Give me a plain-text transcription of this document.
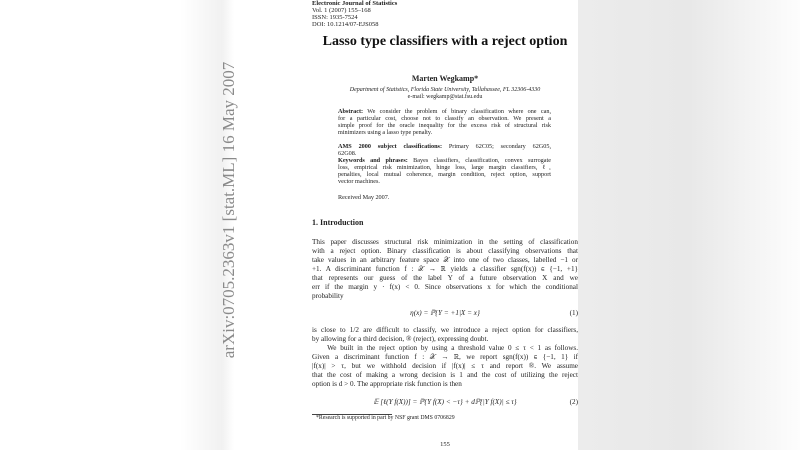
arXiv:0705.2363v1 [stat.ML] 16 May 2007
Electronic Journal of Statistics
Vol. 1 (2007) 155–168
ISSN: 1935-7524
DOI: 10.1214/07-EJS058
Lasso type classifiers with a reject option
Marten Wegkamp*
Department of Statistics, Florida State University, Tallahassee, FL 32306-4330
e-mail: wegkamp@stat.fsu.edu
Abstract: We consider the problem of binary classification where one can,
for a particular cost, choose not to classify an observation. We present a
simple proof for the oracle inequality for the excess risk of structural risk
minimizers using a lasso type penalty.
AMS 2000 subject classifications: Primary 62C05; secondary 62G05,
62G08.
Keywords and phrases: Bayes classifiers, classification, convex surrogate
loss, empirical risk minimization, hinge loss, large margin classifiers, ℓ₁
penalties, local mutual coherence, margin condition, reject option, support
vector machines.
Received May 2007.
1. Introduction
This paper discusses structural risk minimization in the setting of classification
with a reject option. Binary classification is about classifying observations that
take values in an arbitrary feature space 𝒳 into one of two classes, labelled −1 or
+1. A discriminant function f : 𝒳 → ℝ yields a classifier sgn(f(x)) ∈ {−1, +1}
that represents our guess of the label Y of a future observation X and we
err if the margin y · f(x) < 0. Since observations x for which the conditional
probability
η(x) = ℙ{Y = +1|X = x}	(1)
is close to 1/2 are difficult to classify, we introduce a reject option for classifiers,
by allowing for a third decision, ® (reject), expressing doubt.
We built in the reject option by using a threshold value 0 ≤ τ < 1 as follows.
Given a discriminant function f : 𝒳 → ℝ, we report sgn(f(x)) ∈ {−1, 1} if
|f(x)| > τ, but we withhold decision if |f(x)| ≤ τ and report ®. We assume
that the cost of making a wrong decision is 1 and the cost of utilizing the reject
option is d > 0. The appropriate risk function is then
𝔼 [ℓ(Y f(X))] = ℙ{Y f(X) < −τ} + dℙ{|Y f(X)| ≤ τ}	(2)
*Research is supported in part by NSF grant DMS 0706829
155
